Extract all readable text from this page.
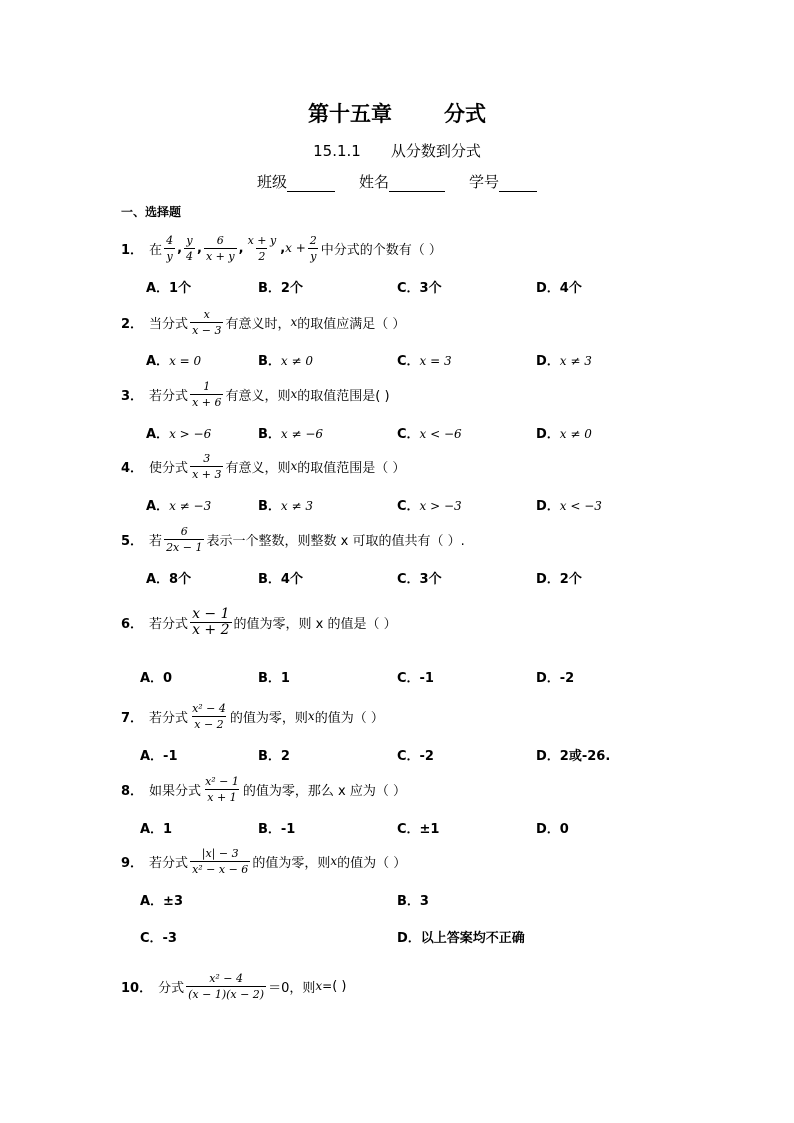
第十五章 分式
15.1.1 从分数到分式
班级	姓名	学号
一、选择题
1． 在 $\frac{4}{y}$ , $\frac{y}{4}$ , $\frac{6}{x + y}$ , $\frac{x + y}{2}$ , $x + \frac{2}{y}$ 中分式的个数有（ ）
A．1个	B．2个	C．3个	D．4个
2． 当分式 $\frac{x}{x - 3}$ 有意义时， x 的取值应满足（ ）
A．x = 0	B．x ≠ 0	C．x = 3	D．x ≠ 3
3． 若分式 $\frac{1}{x + 6}$ 有意义，则 x 的取值范围是( )
A．x > −6	B．x ≠ −6	C．x < −6	D．x ≠ 0
4． 使分式 $\frac{3}{x + 3}$ 有意义，则 x 的取值范围是（ ）
A．x ≠ −3	B．x ≠ 3	C．x > −3	D．x < −3
5． 若 $\frac{6}{2x - 1}$ 表示一个整数，则整数 x 可取的值共有（ ）.
A．8个	B．4个	C．3个	D．2个
6． 若分式 $\frac{x - 1}{x + 2}$ 的值为零，则 x 的值是（ ）
A．0	B．1	C．-1	D．-2
7． 若分式 $\frac{\text{x² − 4}}{x - 2}$ 的值为零，则 x 的值为（ ）
A．-1	B．2	C．-2	D．2或-26.
8． 如果分式 $\frac{\text{x² − 1}}{x + 1}$ 的值为零，那么 x 应为（ ）
A．1	B．-1	C．±1	D．0
9． 若分式 $\frac{|x| - 3}{\text{x² − x − 6}}$ 的值为零，则 x 的值为（ ）
A．±3	B．3
C．-3	D．以上答案均不正确
10． 分式 $\frac{\text{x² − 4}}{(x - 1)(x - 2)} =0$，则 x= ( )
